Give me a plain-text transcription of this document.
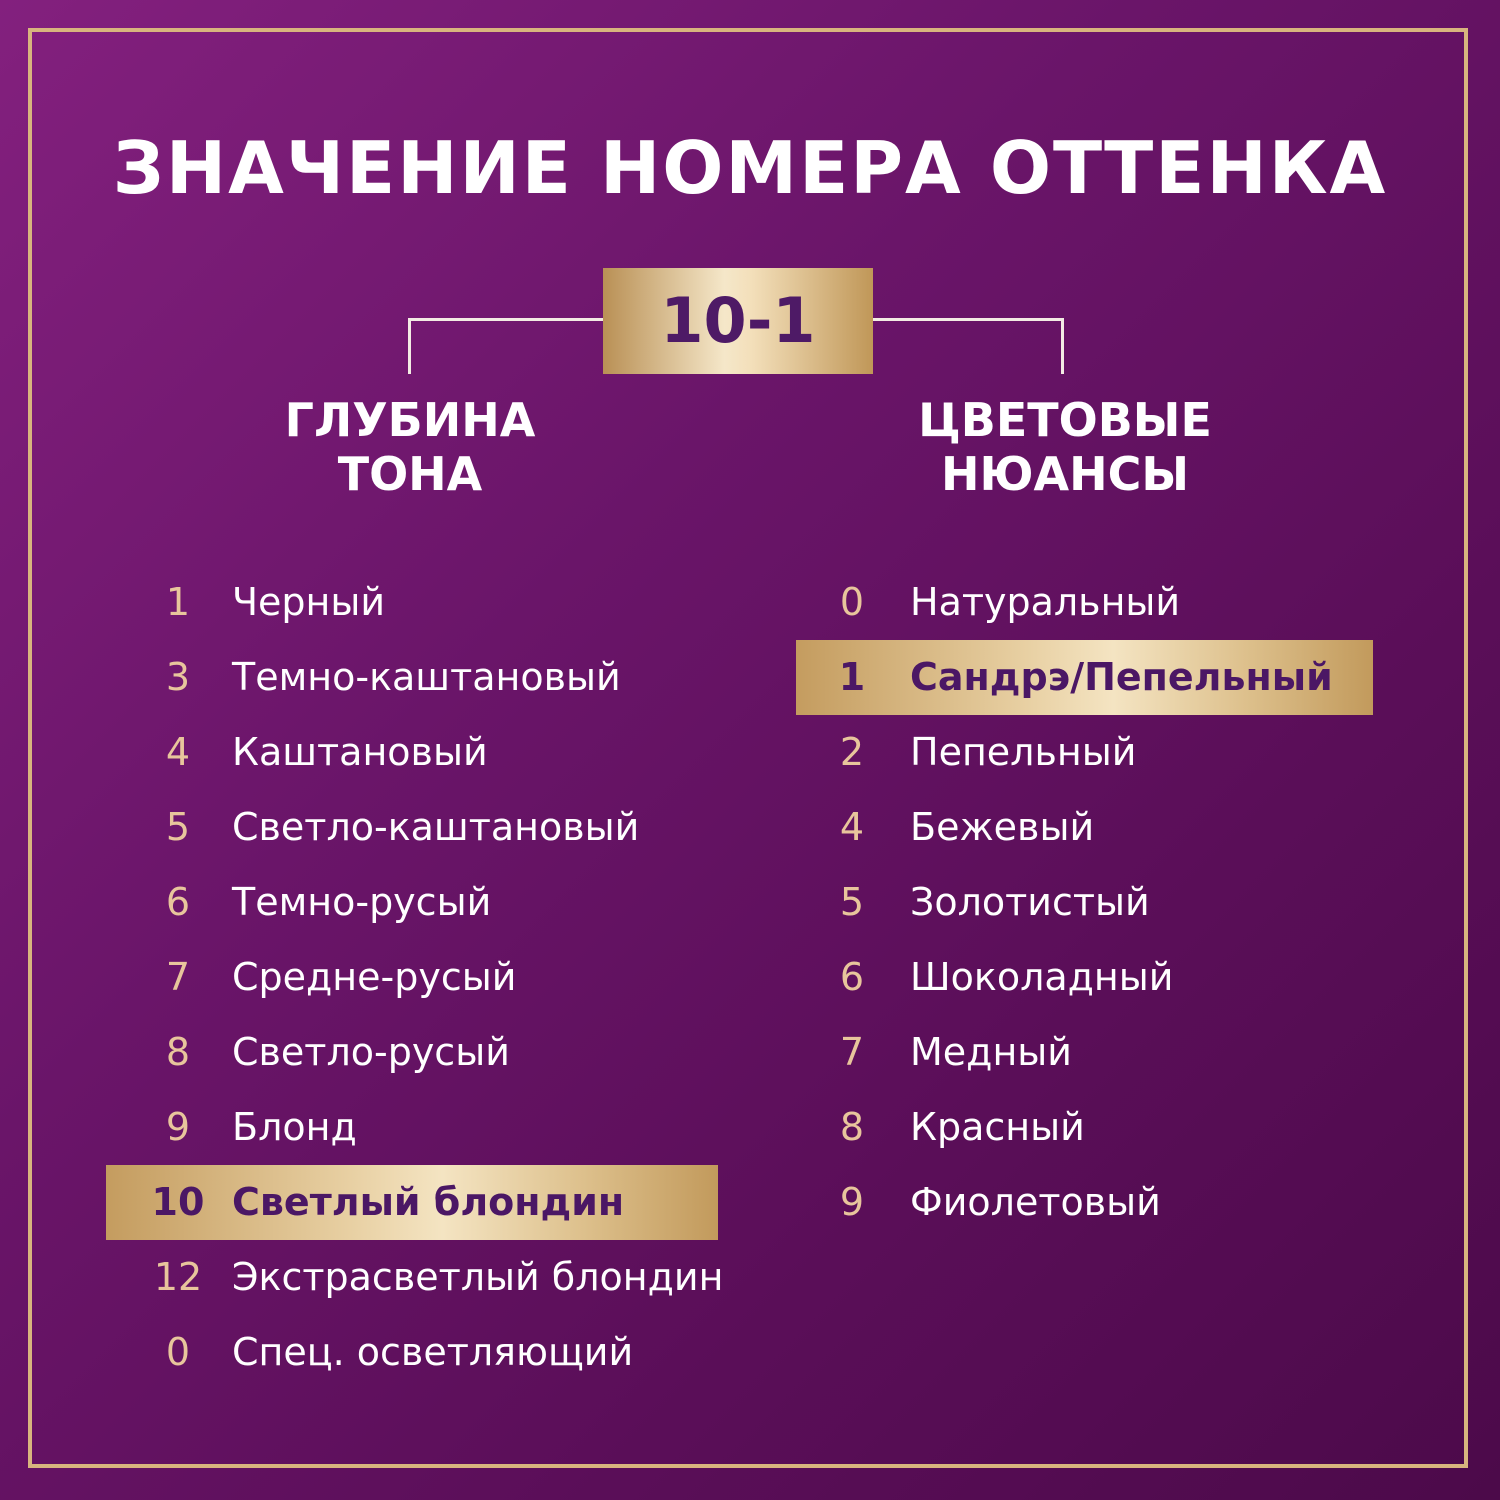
ЗНАЧЕНИЕ НОМЕРА ОТТЕНКА
10-1
ГЛУБИНА
ТОНА
ЦВЕТОВЫЕ
НЮАНСЫ
1	Черный
3	Темно-каштановый
4	Каштановый
5	Светло-каштановый
6	Темно-русый
7	Средне-русый
8	Светло-русый
9	Блонд
10 Светлый блондин
12 Экстрасветлый блондин
0	Спец. осветляющий
0	Натуральный
1	Сандрэ/Пепельный
2	Пепельный
4	Бежевый
5	Золотистый
6	Шоколадный
7	Медный
8	Красный
9	Фиолетовый
